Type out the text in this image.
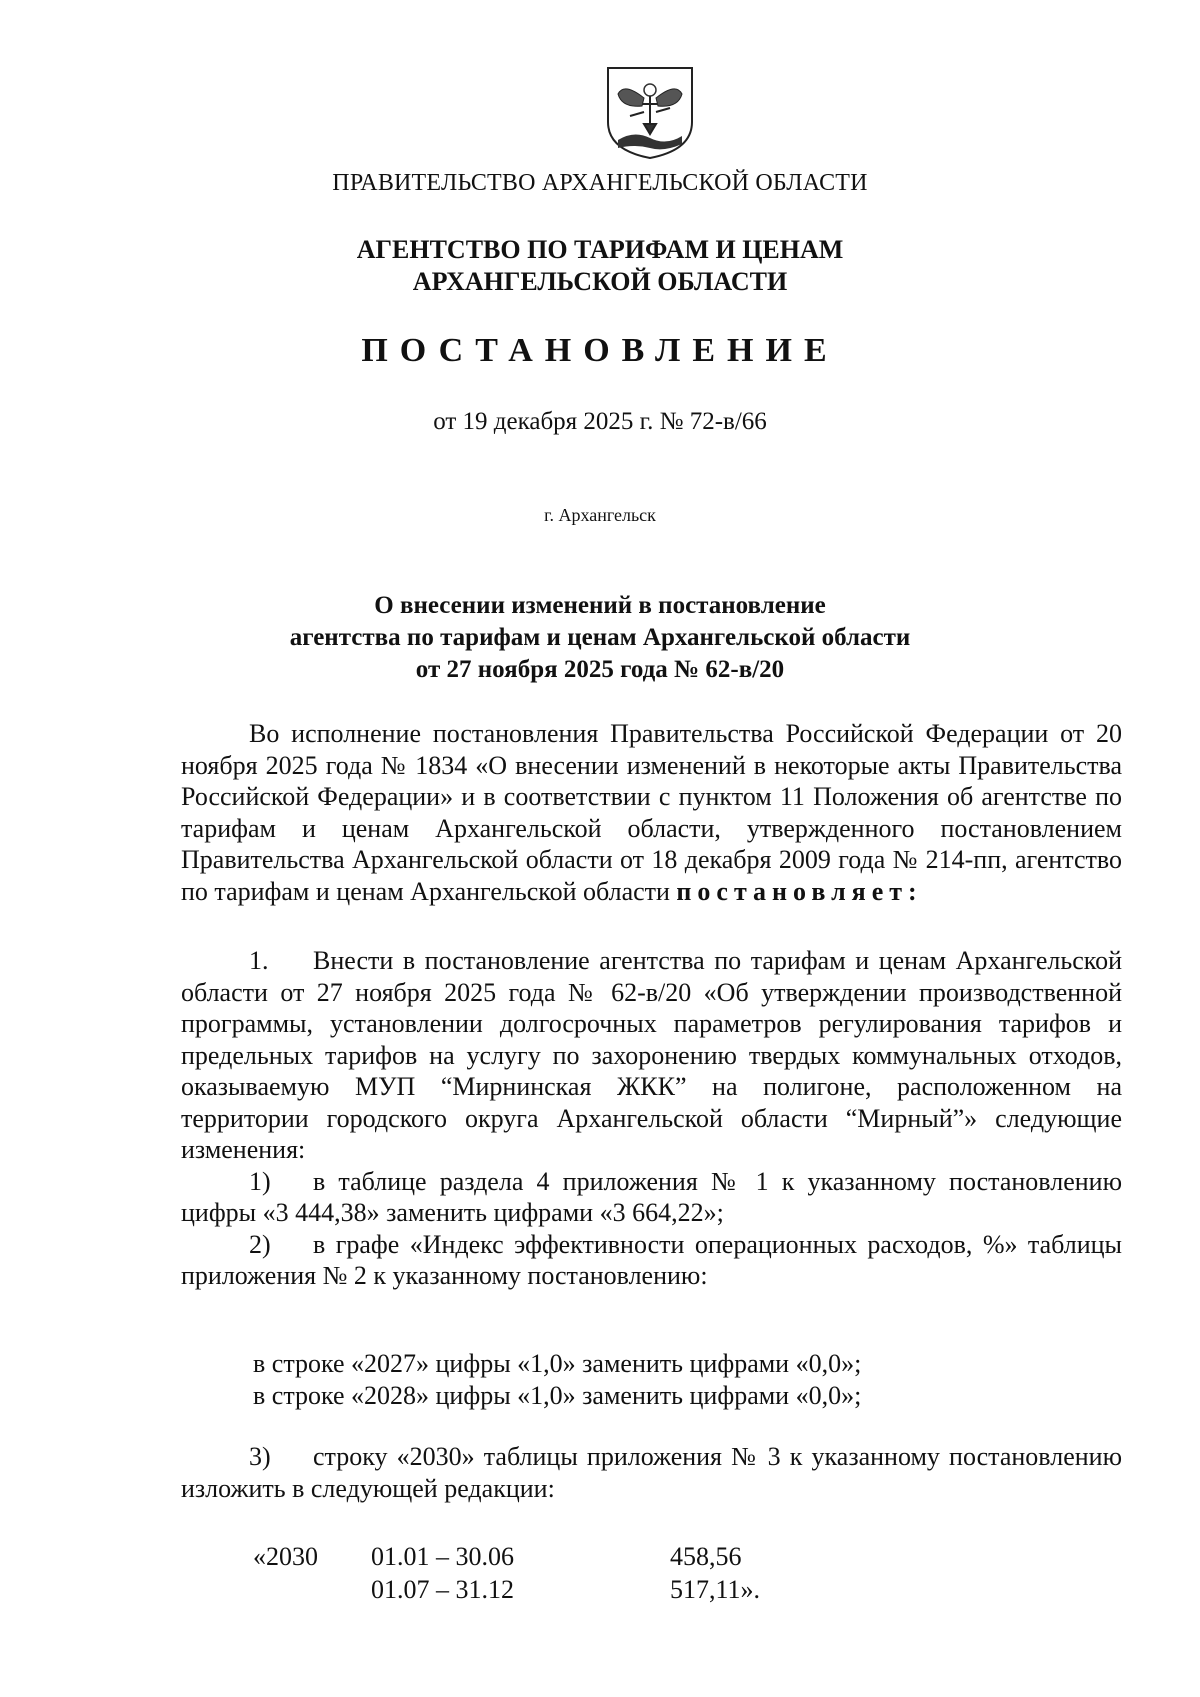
ПРАВИТЕЛЬСТВО АРХАНГЕЛЬСКОЙ ОБЛАСТИ
АГЕНТСТВО ПО ТАРИФАМ И ЦЕНАМ
АРХАНГЕЛЬСКОЙ ОБЛАСТИ
ПОСТАНОВЛЕНИЕ
от 19 декабря 2025 г. № 72-в/66
г. Архангельск
О внесении изменений в постановление
агентства по тарифам и ценам Архангельской области
от 27 ноября 2025 года № 62-в/20

Во исполнение постановления Правительства Российской Федерации от 20 ноября 2025 года № 1834 «О внесении изменений в некоторые акты Правительства Российской Федерации» и в соответствии с пунктом 11 Положения об агентстве по тарифам и ценам Архангельской области, утвержденного постановлением Правительства Архангельской области от 18 декабря 2009 года № 214-пп, агентство по тарифам и ценам Архангельской области постановляет:

1. Внести в постановление агентства по тарифам и ценам Архангельской области от 27 ноября 2025 года № 62-в/20 «Об утверждении производственной программы, установлении долгосрочных параметров регулирования тарифов и предельных тарифов на услугу по захоронению твердых коммунальных отходов, оказываемую МУП “Мирнинская ЖКК” на полигоне, расположенном на территории городского округа Архангельской области “Мирный”» следующие изменения:

1) в таблице раздела 4 приложения № 1 к указанному постановлению цифры «3 444,38» заменить цифрами «3 664,22»;

2) в графе «Индекс эффективности операционных расходов, %» таблицы приложения № 2 к указанному постановлению:

в строке «2027» цифры «1,0» заменить цифрами «0,0»;

в строке «2028» цифры «1,0» заменить цифрами «0,0»;

3) строку «2030» таблицы приложения № 3 к указанному постановлению изложить в следующей редакции:

«2030 01.01 – 30.06	458,56
01.07 – 31.12	517,11».
